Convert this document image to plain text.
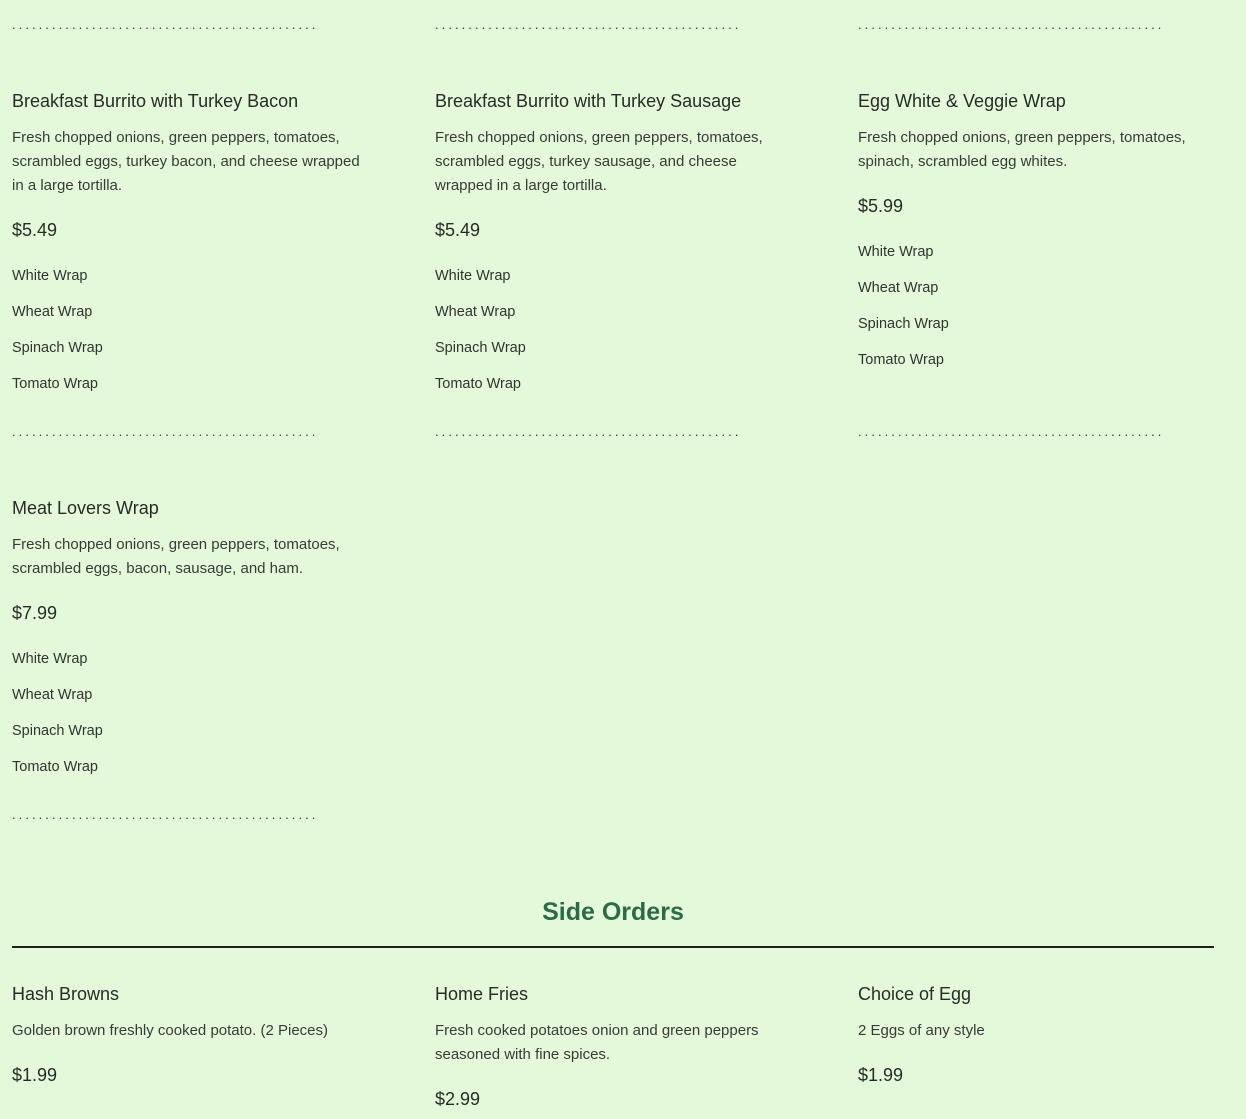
..............................................	..............................................	..............................................
Breakfast Burrito with Turkey Bacon
Fresh chopped onions, green peppers, tomatoes,
scrambled eggs, turkey bacon, and cheese wrapped
in a large tortilla.
$5.49
White Wrap
Wheat Wrap
Spinach Wrap
Tomato Wrap
Breakfast Burrito with Turkey Sausage
Fresh chopped onions, green peppers, tomatoes,
scrambled eggs, turkey sausage, and cheese
wrapped in a large tortilla.
$5.49
White Wrap
Wheat Wrap
Spinach Wrap
Tomato Wrap
Egg White & Veggie Wrap
Fresh chopped onions, green peppers, tomatoes,
spinach, scrambled egg whites.
$5.99
White Wrap
Wheat Wrap
Spinach Wrap
Tomato Wrap
..............................................	..............................................	..............................................
Meat Lovers Wrap
Fresh chopped onions, green peppers, tomatoes,
scrambled eggs, bacon, sausage, and ham.
$7.99
White Wrap
Wheat Wrap
Spinach Wrap
Tomato Wrap
..............................................
Side Orders
Hash Browns
Golden brown freshly cooked potato. (2 Pieces)
$1.99
Home Fries
Fresh cooked potatoes onion and green peppers
seasoned with fine spices.
$2.99
Choice of Egg
2 Eggs of any style
$1.99
